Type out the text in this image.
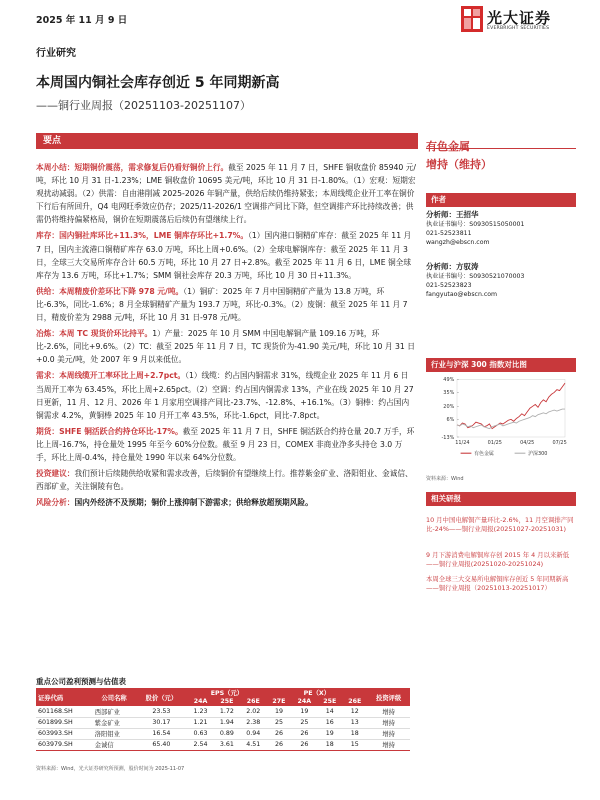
2025 年 11 月 9 日	光大证券
EVERBRIGHT SECURITIES
行业研究
本周国内铜社会库存创近 5 年同期新高
——铜行业周报（20251103-20251107）
要点
本周小结：短期铜价震荡，需求修复后仍看好铜价上行。截至 2025 年 11 月 7 日，SHFE 铜收盘价 85940 元/吨，环比 10 月 31 日-1.23%；LME 铜收盘价 10695 美元/吨，环比 10 月 31 日-1.80%。（1）宏观：短期宏观扰动减弱。（2）供需：自由港削减 2025-2026 年铜产量，供给后续仍维持紧张；本周线缆企业开工率在铜价下行后有所回升，Q4 电网旺季效应仍存；2025/11-2026/1 空调排产同比下降，但空调排产环比持续改善；供需仍将维持偏紧格局，铜价在短期震荡后后续仍有望继续上行。
库存：国内铜社库环比+11.3%，LME 铜库存环比+1.7%。（1）国内港口铜精矿库存：截至 2025 年 11 月 7 日，国内主流港口铜精矿库存 63.0 万吨，环比上周+0.6%。（2）全球电解铜库存：截至 2025 年 11 月 3 日，全球三大交易所库存合计 60.5 万吨，环比 10 月 27 日+2.8%。截至 2025 年 11 月 6 日，LME 铜全球库存为 13.6 万吨，环比+1.7%；SMM 铜社会库存 20.3 万吨，环比 10 月 30 日+11.3%。
供给：本周精废价差环比下降 978 元/吨。（1）铜矿：2025 年 7 月中国铜精矿产量为 13.8 万吨，环比-6.3%，同比-1.6%；8 月全球铜精矿产量为 193.7 万吨，环比-0.3%。（2）废铜：截至 2025 年 11 月 7 日，精废价差为 2988 元/吨，环比 10 月 31 日-978 元/吨。
冶炼：本周 TC 现货价环比持平。1）产量：2025 年 10 月 SMM 中国电解铜产量 109.16 万吨，环比-2.6%，同比+9.6%。（2）TC：截至 2025 年 11 月 7 日，TC 现货价为-41.90 美元/吨，环比 10 月 31 日+0.0 美元/吨，处 2007 年 9 月以来低位。
需求：本周线缆开工率环比上周+2.7pct。（1）线缆：约占国内铜需求 31%，线缆企业 2025 年 11 月 6 日当周开工率为 63.45%，环比上周+2.65pct。（2）空调：约占国内铜需求 13%，产业在线 2025 年 10 月 27 日更新，11 月、12 月、2026 年 1 月家用空调排产同比-23.7%、-12.8%、+16.1%。（3）铜棒：约占国内铜需求 4.2%，黄铜棒 2025 年 10 月开工率 43.5%，环比-1.6pct，同比-7.8pct。
期货：SHFE 铜活跃合约持仓环比-17%。截至 2025 年 11 月 7 日，SHFE 铜活跃合约持仓量 20.7 万手，环比上周-16.7%，持仓量处 1995 年至今 60%分位数。截至 9 月 23 日，COMEX 非商业净多头持仓 3.0 万手，环比上周-0.4%，持仓量处 1990 年以来 64%分位数。
投资建议：我们预计后续随供给收紧和需求改善，后续铜价有望继续上行。推荐紫金矿业、洛阳钼业、金诚信、西部矿业，关注铜陵有色。
风险分析：国内外经济不及预期；铜价上涨抑制下游需求；供给释放超预期风险。
有色金属
增持（维持）
作者
分析师：王招华
执业证书编号：S0930515050001
021-52523811
wangzh@ebscn.com
分析师：方驭涛
执业证书编号：S0930521070003
021-52523823
fangyutao@ebscn.com
行业与沪深 300 指数对比图
49%
35%
20%
6%
-13%
11/24	01/25	04/25	07/25
有色金属	沪深300
资料来源：Wind
相关研报
10 月中国电解铜产量环比-2.6%，11 月空调排产同比-24%——铜行业周报(20251027-20251031)
9 月下游消费电解铜库存创 2015 年 4 月以来新低——铜行业周报(20251020-20251024)
本周全球三大交易所电解铜库存创近 5 年同期新高——铜行业周报（20251013-20251017）
重点公司盈利预测与估值表
证券代码	公司名称	股价（元）	EPS（元）			PE（X）				投资评级
			24A	25E	26E	27E	24A	25E	26E	
601168.SH	西部矿业	23.53	1.23	1.72	2.02	19	19	14	12	增持
601899.SH	紫金矿业	30.17	1.21	1.94	2.38	25	25	16	13	增持
603993.SH	洛阳钼业	16.54	0.63	0.89	0.94	26	26	19	18	增持
603979.SH	金诚信	65.40	2.54	3.61	4.51	26	26	18	15	增持
资料来源：Wind，光大证券研究所预测，股价时间为 2025-11-07
